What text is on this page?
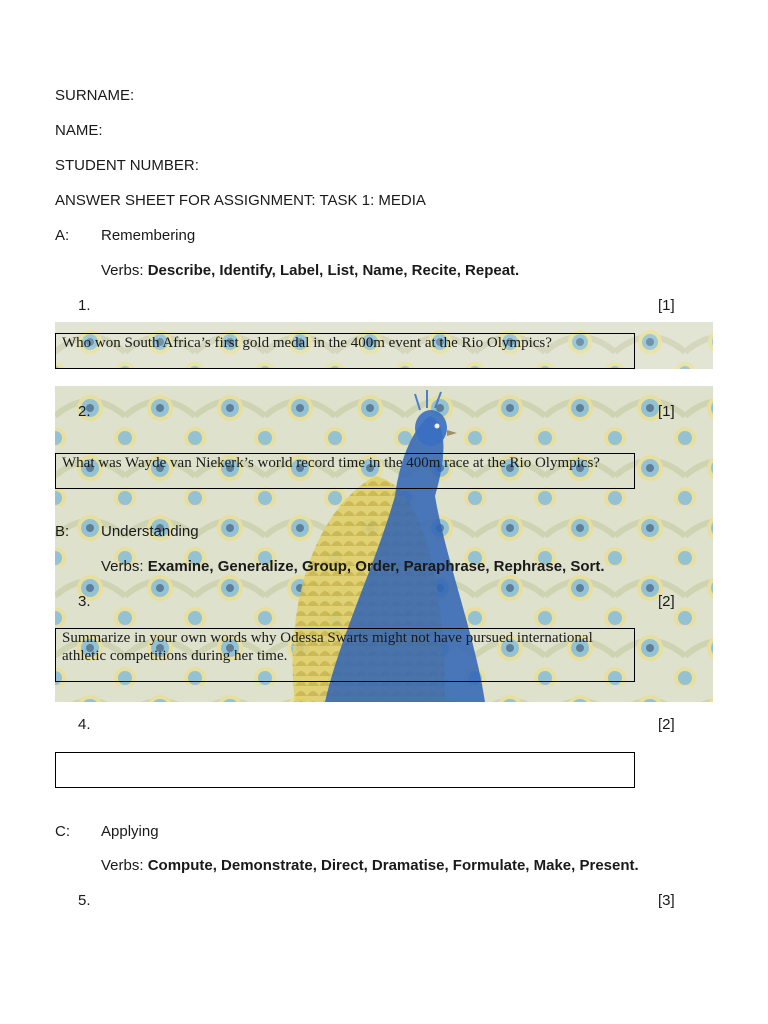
SURNAME:
NAME:
STUDENT NUMBER:
ANSWER SHEET FOR ASSIGNMENT: TASK 1: MEDIA
A: Remembering
Verbs: Describe, Identify, Label, List, Name, Recite, Repeat.
1.	[1]
Who won South Africa’s first gold medal in the 400m event at the Rio Olympics?
2.	[1]
What was Wayde van Niekerk’s world record time in the 400m race at the Rio Olympics?
B: Understanding
Verbs: Examine, Generalize, Group, Order, Paraphrase, Rephrase, Sort.
3.	[2]
Summarize in your own words why Odessa Swarts might not have pursued international athletic competitions during her time.
4.	[2]
C: Applying
Verbs: Compute, Demonstrate, Direct, Dramatise, Formulate, Make, Present.
5.	[3]
